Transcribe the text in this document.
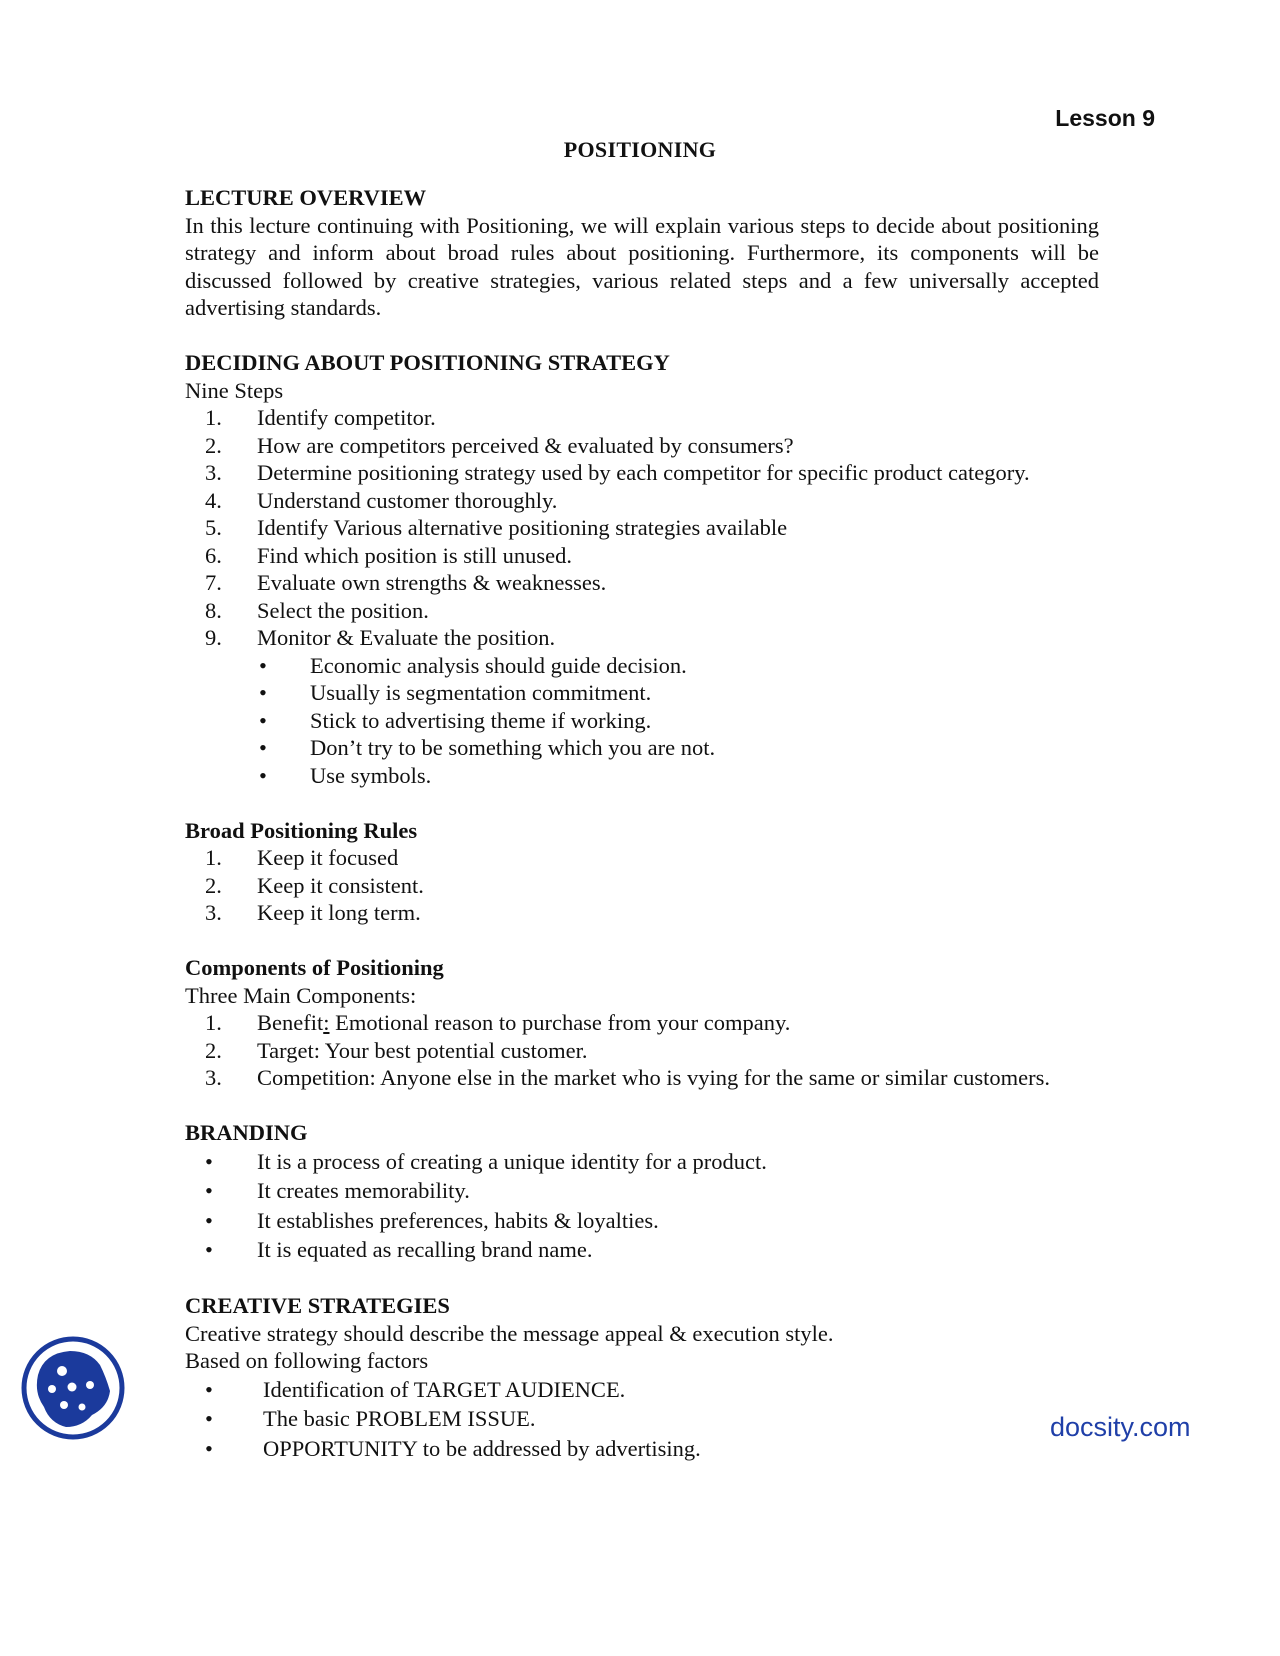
Lesson 9
POSITIONING
LECTURE OVERVIEW
In this lecture continuing with Positioning, we will explain various steps to decide about positioning strategy and inform about broad rules about positioning. Furthermore, its components will be discussed followed by creative strategies, various related steps and a few universally accepted advertising standards.
DECIDING ABOUT POSITIONING STRATEGY
Nine Steps
1.	Identify competitor.
2.	How are competitors perceived & evaluated by consumers?
3.	Determine positioning strategy used by each competitor for specific product category.
4.	Understand customer thoroughly.
5.	Identify Various alternative positioning strategies available
6.	Find which position is still unused.
7.	Evaluate own strengths & weaknesses.
8.	Select the position.
9.	Monitor & Evaluate the position.
•	Economic analysis should guide decision.
•	Usually is segmentation commitment.
•	Stick to advertising theme if working.
•	Don’t try to be something which you are not.
•	Use symbols.
Broad Positioning Rules
1.	Keep it focused
2.	Keep it consistent.
3.	Keep it long term.
Components of Positioning
Three Main Components:
1.	Benefit: Emotional reason to purchase from your company.
2.	Target: Your best potential customer.
3.	Competition: Anyone else in the market who is vying for the same or similar customers.
BRANDING
•	It is a process of creating a unique identity for a product.
•	It creates memorability.
•	It establishes preferences, habits & loyalties.
•	It is equated as recalling brand name.
CREATIVE STRATEGIES
Creative strategy should describe the message appeal & execution style.
Based on following factors
•	Identification of TARGET AUDIENCE.
•	The basic PROBLEM ISSUE.
•	OPPORTUNITY to be addressed by advertising.
docsity.com
